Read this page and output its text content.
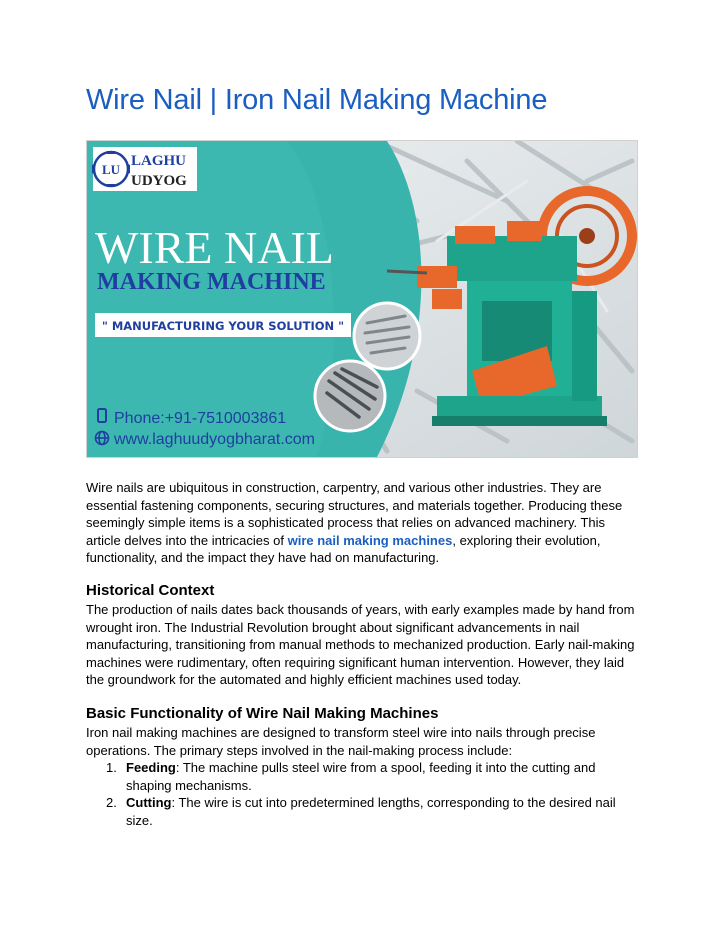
Wire Nail | Iron Nail Making Machine
LU
LAGHU
UDYOG
WIRE NAIL
MAKING MACHINE
" MANUFACTURING YOUR SOLUTION "
Phone:+91-7510003861
www.laghuudyogbharat.com

Wire nails are ubiquitous in construction, carpentry, and various other industries. They are essential fastening components, securing structures, and materials together. Producing these seemingly simple items is a sophisticated process that relies on advanced machinery. This article delves into the intricacies of wire nail making machines, exploring their evolution, functionality, and the impact they have had on manufacturing.

Historical Context

The production of nails dates back thousands of years, with early examples made by hand from wrought iron. The Industrial Revolution brought about significant advancements in nail manufacturing, transitioning from manual methods to mechanized production. Early nail-making machines were rudimentary, often requiring significant human intervention. However, they laid the groundwork for the automated and highly efficient machines used today.

Basic Functionality of Wire Nail Making Machines

Iron nail making machines are designed to transform steel wire into nails through precise operations. The primary steps involved in the nail-making process include:

1. Feeding: The machine pulls steel wire from a spool, feeding it into the cutting and shaping mechanisms.
2. Cutting: The wire is cut into predetermined lengths, corresponding to the desired nail size.
